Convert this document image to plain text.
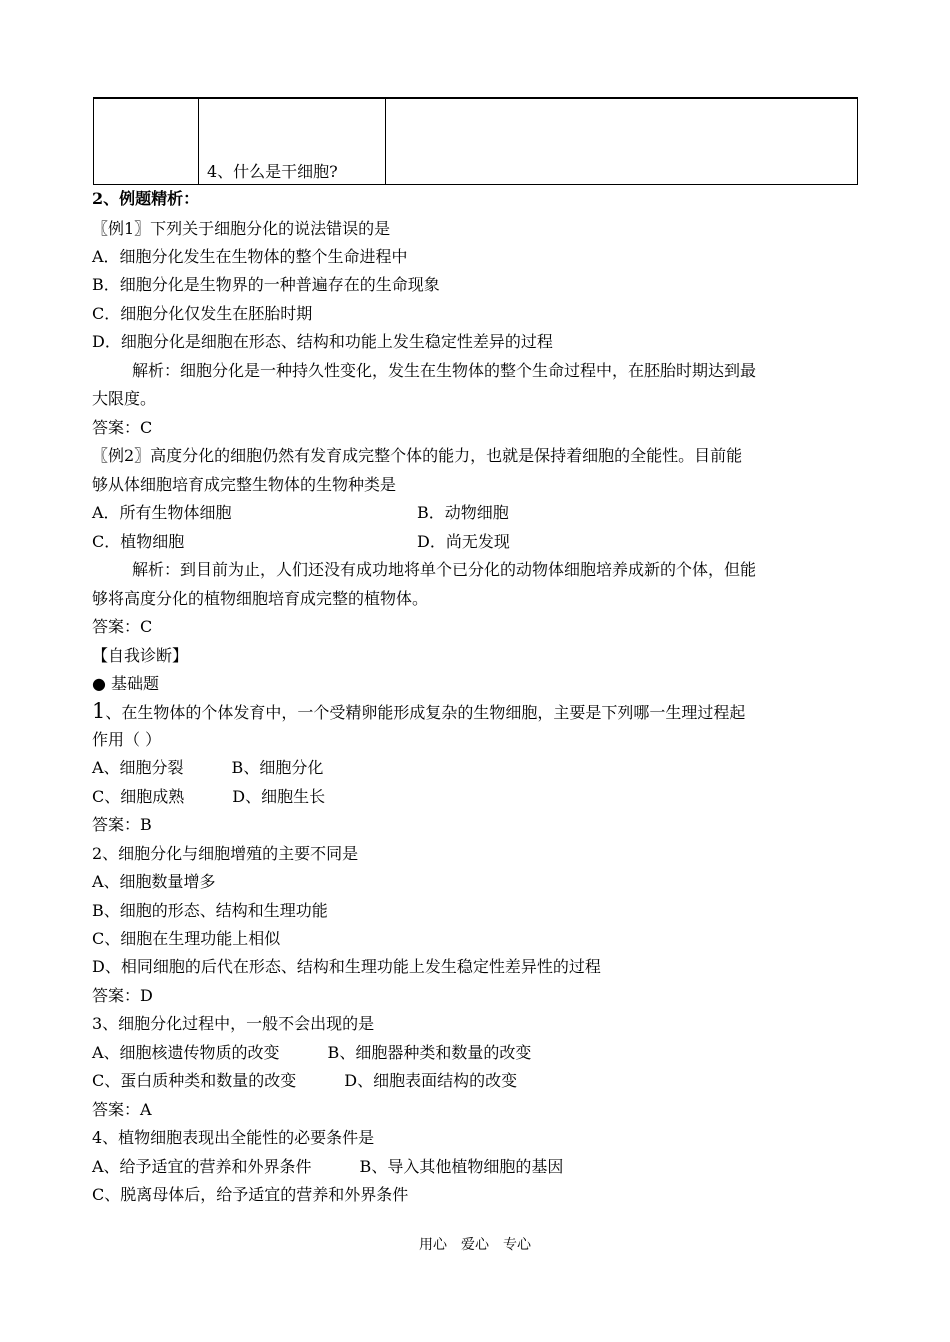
4、什么是干细胞?
2、例题精析：
〖例1〗下列关于细胞分化的说法错误的是
A．细胞分化发生在生物体的整个生命进程中
B．细胞分化是生物界的一种普遍存在的生命现象
C．细胞分化仅发生在胚胎时期
D．细胞分化是细胞在形态、结构和功能上发生稳定性差异的过程
解析：细胞分化是一种持久性变化，发生在生物体的整个生命过程中，在胚胎时期达到最
大限度。
答案：C
〖例2〗高度分化的细胞仍然有发育成完整个体的能力，也就是保持着细胞的全能性。目前能
够从体细胞培育成完整生物体的生物种类是
A．所有生物体细胞	B．动物细胞
C．植物细胞	D．尚无发现
解析：到目前为止，人们还没有成功地将单个已分化的动物体细胞培养成新的个体，但能
够将高度分化的植物细胞培育成完整的植物体。
答案：C
【自我诊断】
● 基础题
1、在生物体的个体发育中，一个受精卵能形成复杂的生物细胞，主要是下列哪一生理过程起
作用（ ）
A、细胞分裂　　　B、细胞分化
C、细胞成熟　　　D、细胞生长
答案：B
2、细胞分化与细胞增殖的主要不同是
A、细胞数量增多
B、细胞的形态、结构和生理功能
C、细胞在生理功能上相似
D、相同细胞的后代在形态、结构和生理功能上发生稳定性差异性的过程
答案：D
3、细胞分化过程中，一般不会出现的是
A、细胞核遗传物质的改变　　　B、细胞器种类和数量的改变
C、蛋白质种类和数量的改变　　　D、细胞表面结构的改变
答案：A
4、植物细胞表现出全能性的必要条件是
A、给予适宜的营养和外界条件　　　B、导入其他植物细胞的基因
C、脱离母体后，给予适宜的营养和外界条件
用心　爱心　专心
